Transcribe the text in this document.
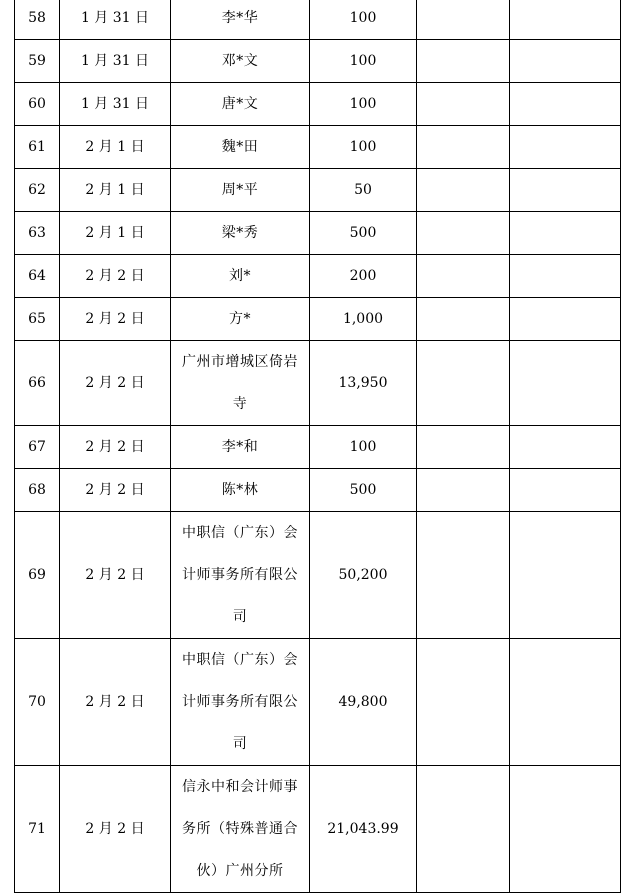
58	1 月 31 日	李*华	100		
59	1 月 31 日	邓*文	100		
60	1 月 31 日	唐*文	100		
61	2 月 1 日	魏*田	100		
62	2 月 1 日	周*平	50		
63	2 月 1 日	梁*秀	500		
64	2 月 2 日	刘*	200		
65	2 月 2 日	方*	1,000		
66	2 月 2 日	广州市增城区倚岩寺	13,950		
67	2 月 2 日	李*和	100		
68	2 月 2 日	陈*林	500		
69	2 月 2 日	中职信（广东）会计师事务所有限公司	50,200		
70	2 月 2 日	中职信（广东）会计师事务所有限公司	49,800		
71	2 月 2 日	信永中和会计师事务所（特殊普通合伙）广州分所	21,043.99		
